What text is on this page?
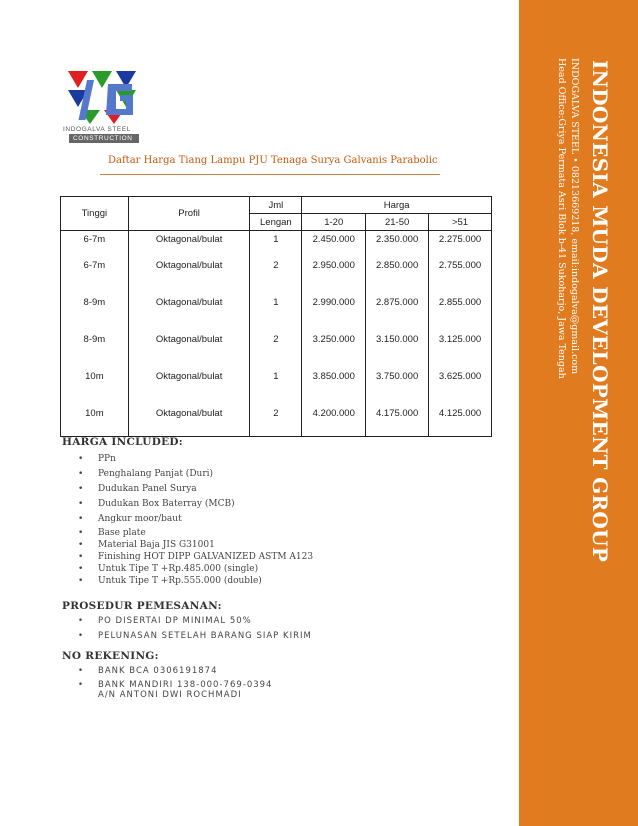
INDOGALVA STEEL
CONSTRUCTION
Daftar Harga Tiang Lampu PJU Tenaga Surya Galvanis Parabolic
Tinggi	Profil	Jml	Harga		
		Lengan	1-20	21-50	>51
6-7m	Oktagonal/bulat	1	2.450.000	2.350.000	2.275.000
6-7m	Oktagonal/bulat	2	2.950.000	2.850.000	2.755.000
8-9m	Oktagonal/bulat	1	2.990.000	2.875.000	2.855.000
8-9m	Oktagonal/bulat	2	3.250.000	3.150.000	3.125.000
10m	Oktagonal/bulat	1	3.850.000	3.750.000	3.625.000
10m	Oktagonal/bulat	2	4.200.000	4.175.000	4.125.000
HARGA INCLUDED:
• PPn
• Penghalang Panjat (Duri)
• Dudukan Panel Surya
• Dudukan Box Baterray (MCB)
• Angkur moor/baut
• Base plate
• Material Baja JIS G31001
• Finishing HOT DIPP GALVANIZED ASTM A123
• Untuk Tipe T +Rp.485.000 (single)
• Untuk Tipe T +Rp.555.000 (double)
PROSEDUR PEMESANAN:
• PO DISERTAI DP MINIMAL 50%
• PELUNASAN SETELAH BARANG SIAP KIRIM
NO REKENING:
• BANK BCA 0306191874
• BANK MANDIRI 138-000-769-0394
A/N ANTONI DWI ROCHMADI
INDONESIA MUDA DEVELOPMENT GROUP
INDOGALVA STEEL • 08213669218, email:indogalva@gmail.com
Head Office:Griya Permata Asri Blok b-41 Sukoharjo, Jawa Tengah
